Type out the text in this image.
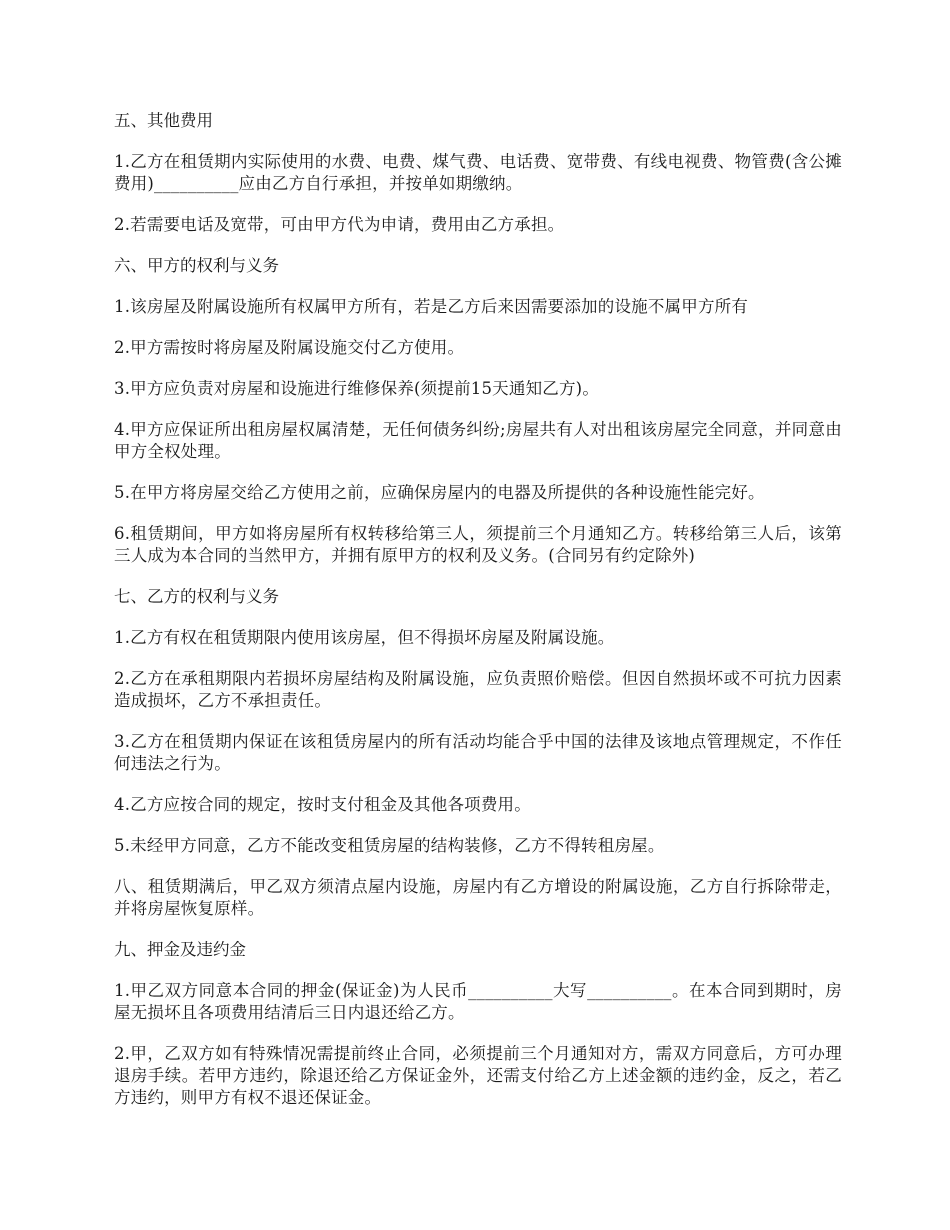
五、其他费用

1.乙方在租赁期内实际使用的水费、电费、煤气费、电话费、宽带费、有线电视费、物管费(含公摊费用)__________应由乙方自行承担，并按单如期缴纳。

2.若需要电话及宽带，可由甲方代为申请，费用由乙方承担。

六、甲方的权利与义务

1.该房屋及附属设施所有权属甲方所有，若是乙方后来因需要添加的设施不属甲方所有

2.甲方需按时将房屋及附属设施交付乙方使用。

3.甲方应负责对房屋和设施进行维修保养(须提前15天通知乙方)。

4.甲方应保证所出租房屋权属清楚，无任何债务纠纷;房屋共有人对出租该房屋完全同意，并同意由甲方全权处理。

5.在甲方将房屋交给乙方使用之前，应确保房屋内的电器及所提供的各种设施性能完好。

6.租赁期间，甲方如将房屋所有权转移给第三人，须提前三个月通知乙方。转移给第三人后，该第三人成为本合同的当然甲方，并拥有原甲方的权利及义务。(合同另有约定除外)

七、乙方的权利与义务

1.乙方有权在租赁期限内使用该房屋，但不得损坏房屋及附属设施。

2.乙方在承租期限内若损坏房屋结构及附属设施，应负责照价赔偿。但因自然损坏或不可抗力因素造成损坏，乙方不承担责任。

3.乙方在租赁期内保证在该租赁房屋内的所有活动均能合乎中国的法律及该地点管理规定，不作任何违法之行为。

4.乙方应按合同的规定，按时支付租金及其他各项费用。

5.未经甲方同意，乙方不能改变租赁房屋的结构装修，乙方不得转租房屋。

八、租赁期满后，甲乙双方须清点屋内设施，房屋内有乙方增设的附属设施，乙方自行拆除带走，并将房屋恢复原样。

九、押金及违约金

1.甲乙双方同意本合同的押金(保证金)为人民币__________大写__________。在本合同到期时，房屋无损坏且各项费用结清后三日内退还给乙方。

2.甲，乙双方如有特殊情况需提前终止合同，必须提前三个月通知对方，需双方同意后，方可办理退房手续。若甲方违约，除退还给乙方保证金外，还需支付给乙方上述金额的违约金，反之，若乙方违约，则甲方有权不退还保证金。
